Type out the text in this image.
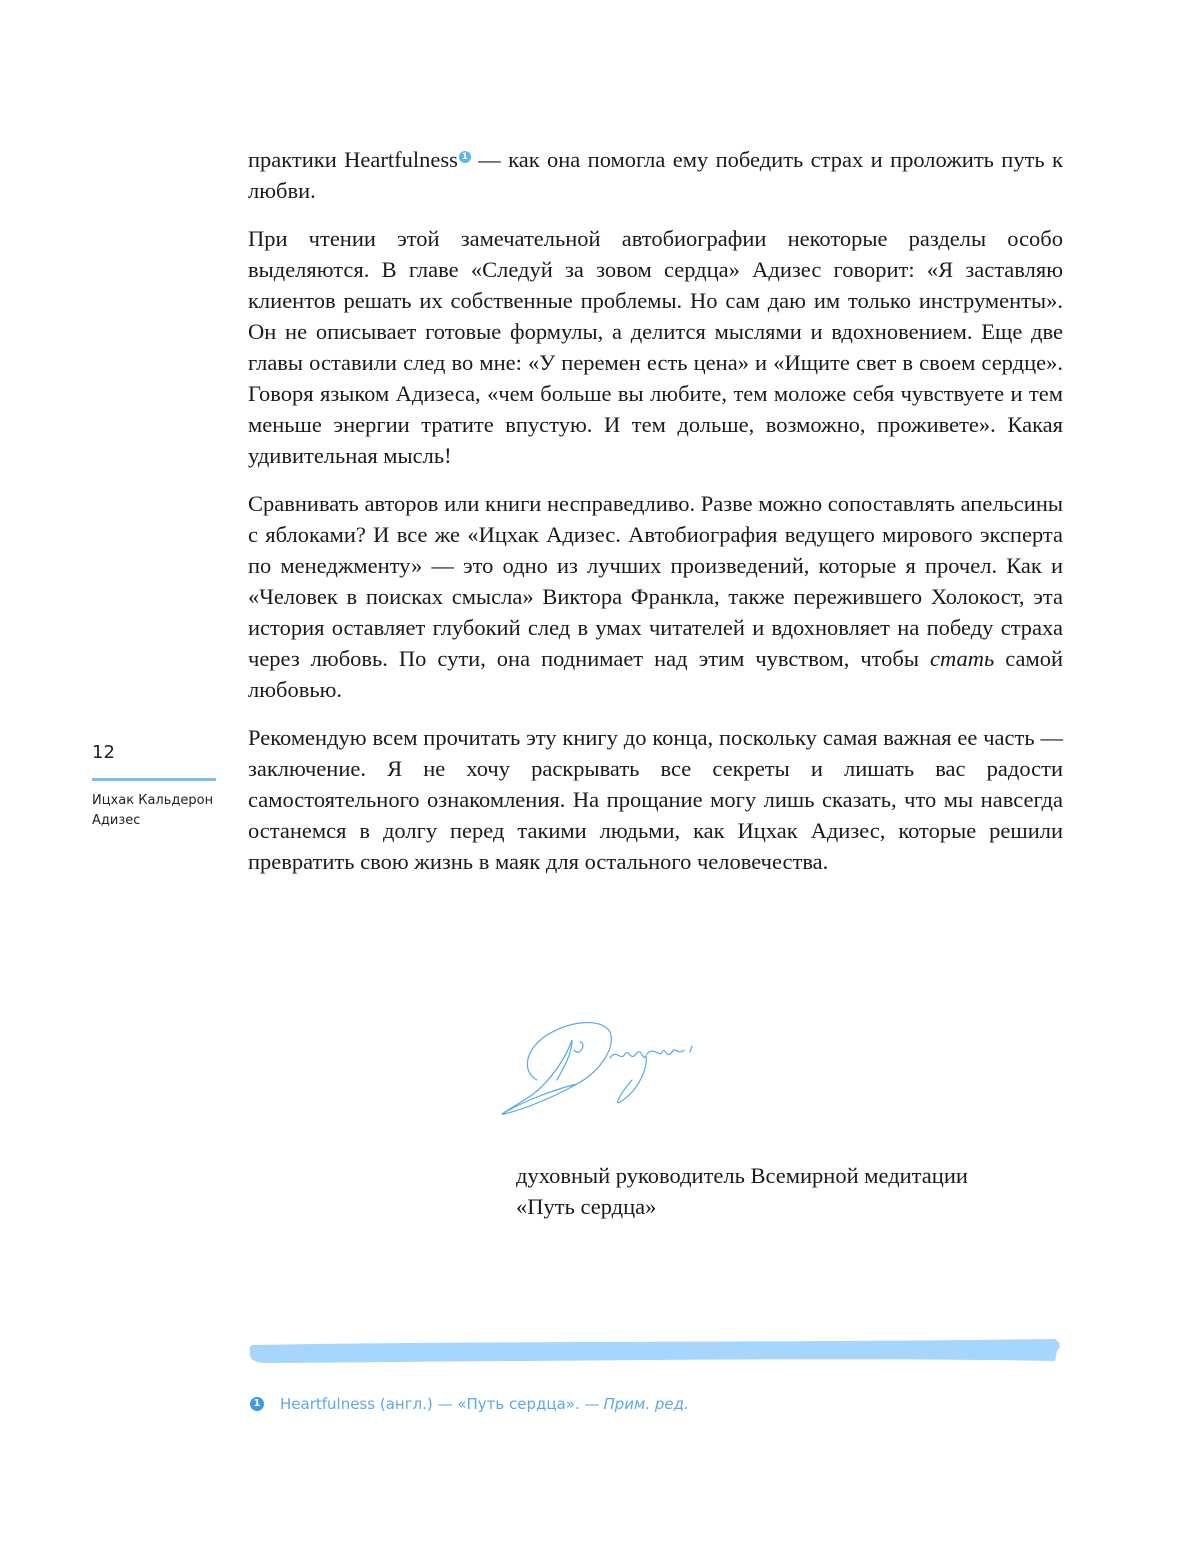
практики Heartfulness 1 — как она помогла ему победить страх и проложить путь к любви.

При чтении этой замечательной автобиографии некоторые разделы особо выделяются. В главе «Следуй за зовом сердца» Адизес говорит: «Я заставляю клиентов решать их собственные проблемы. Но сам даю им только инструменты». Он не описывает готовые формулы, а делится мыслями и вдохновением. Еще две главы оставили след во мне: «У перемен есть цена» и «Ищите свет в своем сердце». Говоря языком Адизеса, «чем больше вы любите, тем моложе себя чувствуете и тем меньше энергии тратите впустую. И тем дольше, возможно, проживете». Какая удивительная мысль!

Сравнивать авторов или книги несправедливо. Разве можно сопоставлять апельсины с яблоками? И все же «Ицхак Адизес. Автобиография ведущего мирового эксперта по менеджменту» — это одно из лучших произведений, которые я прочел. Как и «Человек в поисках смысла» Виктора Франкла, также пережившего Холокост, эта история оставляет глубокий след в умах читателей и вдохновляет на победу страха через любовь. По сути, она поднимает над этим чувством, чтобы стать самой любовью.

Рекомендую всем прочитать эту книгу до конца, поскольку самая важная ее часть — заключение. Я не хочу раскрывать все секреты и лишать вас радости самостоятельного ознакомления. На прощание могу лишь сказать, что мы навсегда останемся в долгу перед такими людьми, как Ицхак Адизес, которые решили превратить свою жизнь в маяк для остального человечества.

12
Ицхак Кальдерон Адизес
духовный руководитель Всемирной медитации
«Путь сердца»
1 Heartfulness (англ.) — «Путь сердца». — Прим. ред.
